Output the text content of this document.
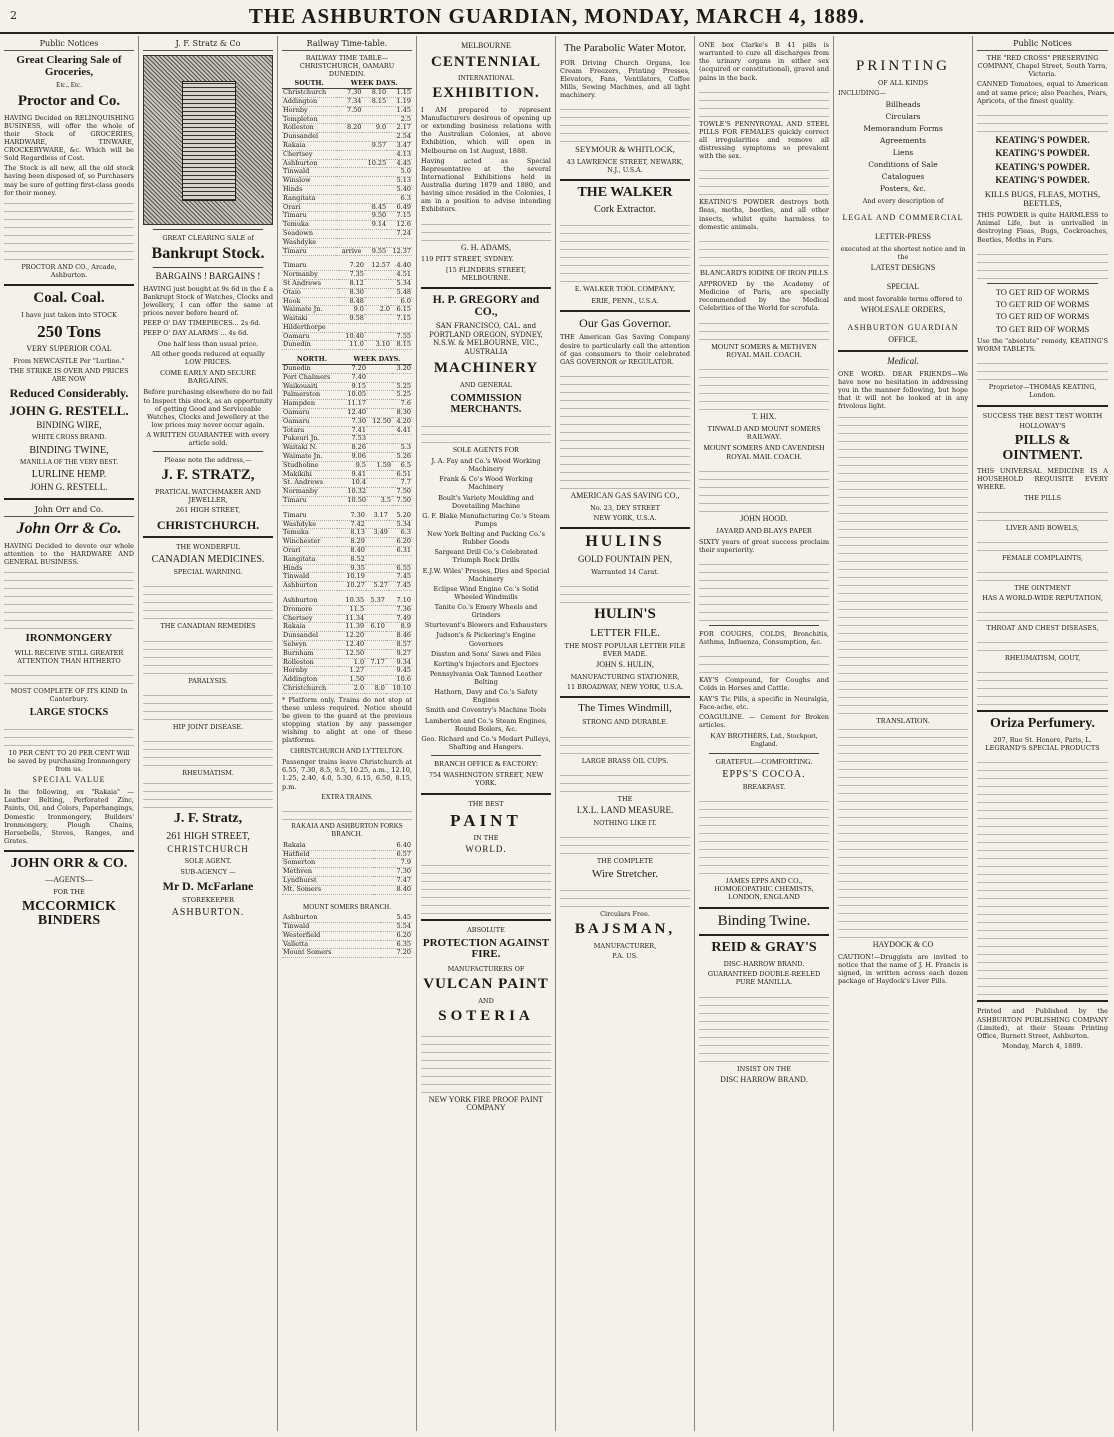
2	THE ASHBURTON GUARDIAN, MONDAY, MARCH 4, 1889.
Public Notices
Great Clearing Sale of Groceries,
Etc., Etc.
Proctor and Co.

HAVING Decided on RELINQUISHING BUSINESS, will offer the whole of their Stock of GROCERIES, HARDWARE, TINWARE, CROCKERYWARE, &c. Which will be Sold Regardless of Cost.

The Stock is all new, all the old stock having been disposed of, so Purchasers may be sure of getting first-class goods for their money.

PROCTOR AND CO., Arcade, Ashburton.

Coal. Coal.

I have just taken into STOCK

250 Tons
VERY SUPERIOR COAL

From NEWCASTLE Per "Lurline."

THE STRIKE IS OVER AND PRICES ARE NOW

Reduced Considerably.
JOHN G. RESTELL.
BINDING WIRE,
WHITE CROSS BRAND.
BINDING TWINE,
MANILLA OF THE VERY BEST.
LURLINE HEMP.
JOHN G. RESTELL.
John Orr and Co.
John Orr & Co.

HAVING Decided to devote our whole attention to the HARDWARE AND GENERAL BUSINESS.

IRONMONGERY

WILL RECEIVE STILL GREATER ATTENTION THAN HITHERTO

MOST COMPLETE OF ITS KIND In Canterbury.

LARGE STOCKS

10 PER CENT TO 20 PER CENT Will be saved by purchasing Ironmongery from us.

SPECIAL VALUE

In the following, ex "Rakaia" — Leather Belting, Perforated Zinc, Paints, Oil, and Colors, Paperhangings, Domestic Ironmongery, Builders' Ironmongery, Plough Chains, Horsebells, Stoves, Ranges, and Grates.

JOHN ORR & CO.
—AGENTS—

FOR THE

MCCORMICK BINDERS
J. F. Stratz & Co

GREAT CLEARING SALE of

Bankrupt Stock.
BARGAINS ! BARGAINS !

HAVING just bought at 9s 6d in the £ a Bankrupt Stock of Watches, Clocks and Jewellery, I can offer the same at prices never before heard of.

PEEP O' DAY TIMEPIECES... 2s 6d.

PEEP O' DAY ALARMS ... 4s 6d.

One half less than usual price.

All other goods reduced at equally LOW PRICES.

COME EARLY AND SECURE BARGAINS.

Before purchasing elsewhere do no fail to Inspect this stock, as an opportunity of getting Good and Serviceable Watches, Clocks and Jewellery at the low prices may never occur again.

A WRITTEN GUARANTEE with every article sold.

Please note the address,—

J. F. STRATZ,

PRATICAL WATCHMAKER AND JEWELLER,

261 HIGH STREET,

CHRISTCHURCH.

THE WONDERFUL

CANADIAN MEDICINES.

SPECIAL WARNING.

THE CANADIAN REMEDIES

PARALYSIS.

HIP JOINT DISEASE.

RHEUMATISM.

J. F. Stratz,
261 HIGH STREET,
CHRISTCHURCH

SOLE AGENT.

SUB-AGENCY —

Mr D. McFarlane

STOREKEEPER

ASHBURTON.
Railway Time-table.

RAILWAY TIME TABLE—CHRISTCHURCH, OAMARU DUNEDIN.

SOUTH.	WEEK DAYS.		
Christchurch	7.30	8.10	1.15
Addington	7.34	8.15	1.19
Hornby	7.50		1.45
Templeton			2.5
Rolleston	8.20	9.0	2.17
Dunsandel			2.54
Rakaia		9.57	3.47
Chertsey			4.13
Ashburton		10.25	4.45
Tinwald			5.0
Winslow			5.13
Hinds			5.40
Rangitata			6.3
Orari		8.45	6.49
Timaru		9.50	7.15
Temuka		9.14	12.6
Seadown			7.24
Washdyke			
Timaru	arrive	9.55	12.37
Timaru	7.20	12.57	4.40
Normanby	7.35		4.51
St Andrews	8.12		5.34
Otaio	8.30		5.48
Hook	8.48		6.0
Waimate Jn.	9.0	2.0	6.15
Waitaki	9.58		7.15
Hilderthorpe			
Oamaru	10.40		7.55
Dunedin	11.0	3.10	8.15
NORTH.	WEEK DAYS.		
Dunedin	7.20		3.20
Port Chalmers	7.40		
Waikouaiti	9.15		5.25
Palmerston	10.05		5.25
Hampden	11.17		7.6
Oamaru	12.40		8.30
Oamaru	7.30	12.50	4.20
Totara	7.41		4.41
Pukeuri Jn.	7.53		
Waitaki N.	8.26		5.3
Waimate Jn.	9.06		5.26
Studholme	9.5	1.59	6.5
Makikihi	9.41		6.51
St. Andrews	10.4		7.7
Normanby	10.32		7.50
Timaru	10.50	3.5	7.50
Timaru	7.30	3.17	5.20
Washdyke	7.42		5.34
Temuka	8.13	3.49	6.3
Winchester	8.29		6.20
Orari	8.40		6.31
Rangitata	8.52		
Hinds	9.35		6.55
Tinwald	10.19		7.45
Ashburton	10.27	5.27	7.45
Ashburton	10.35	5.37	7.10
Dromore	11.5		7.36
Chertsey	11.34		7.49
Rakaia	11.39	6.10	8.9
Dunsandel	12.20		8.46
Selwyn	12.40		8.57
Burnham	12.50		9.27
Rolleston	1.0	7.17	9.34
Hornby	1.27		9.45
Addington	1.50		10.6
Christchurch	2.0	8.0	10.10

* Platform only. Trains do not stop at these unless required. Notice should be given to the guard at the previous stopping station by any passenger wishing to alight at one of these platforms.

CHRISTCHURCH AND LYTTELTON.

Passenger trains leave Christchurch at 6.55, 7.30, 8.5, 9.5, 10.25, a.m., 12.10, 1.25, 2.40, 4.0, 5.30, 6.15, 6.50, 8.15, p.m.

EXTRA TRAINS.
RAKAIA AND ASHBURTON FORKS BRANCH.
Rakaia	6.40
Hatfield	6.57
Somerton	7.9
Methven	7.30
Lyndhurst	7.47
Mt. Somers	8.40
MOUNT SOMERS BRANCH.
Ashburton	5.45
Tinwald	5.54
Westerfield	6.20
Valletta	6.35
Mount Somers	7.20
MELBOURNE
CENTENNIAL
INTERNATIONAL
EXHIBITION.

I AM prepared to represent Manufacturers desirous of opening up or extending business relations with the Australian Colonies, at above Exhibition, which will open in Melbourne on 1st August, 1888.

Having acted as Special Representative at the several International Exhibitions held in Australia during 1879 and 1880, and having since resided in the Colonies, I am in a position to advise intending Exhibitors.

G. H. ADAMS,

119 PITT STREET, SYDNEY.

[15 FLINDERS STREET, MELBOURNE.

H. P. GREGORY and CO.,

SAN FRANCISCO, CAL. and PORTLAND OREGON, SYDNEY, N.S.W. & MELBOURNE, VIC., AUSTRALIA

MACHINERY

AND GENERAL

COMMISSION MERCHANTS.
SOLE AGENTS FOR

J. A. Fay and Co.'s Wood Working Machinery

Frank & Co's Wood Working Machinery

Boult's Variety Moulding and Dovetailing Machine

G. F. Blake Manufacturing Co.'s Steam Pumps

New York Belting and Packing Co.'s Rubber Goods

Sargeant Drill Co.'s Celebrated Triumph Rock Drills

E.J.W. Wiles' Presses, Dies and Special Machinery

Eclipse Wind Engine Co.'s Solid Wheeled Windmills

Tanite Co.'s Emery Wheels and Grinders

Sturtevant's Blowers and Exhausters

Judson's & Pickering's Engine Governors

Disston and Sons' Saws and Files

Korting's Injectors and Ejectors

Pennsylvania Oak Tanned Leather Belting

Hathorn, Davy and Co.'s Safety Engines

Smith and Coventry's Machine Tools

Lamberton and Co.'s Steam Engines, Round Boilers, &c.

Geo. Richard and Co.'s Medart Pulleys, Shafting and Hangers.

BRANCH OFFICE & FACTORY:

754 WASHINGTON STREET, NEW YORK.

THE BEST

PAINT

IN THE

WORLD.

ABSOLUTE

PROTECTION AGAINST FIRE.

MANUFACTURERS OF

VULCAN PAINT

AND

SOTERIA
NEW YORK FIRE PROOF PAINT COMPANY
The Parabolic Water Motor.

FOR Driving Church Organs, Ice Cream Freezers, Printing Presses, Elevators, Fans, Ventilators, Coffee Mills, Sewing Machines, and all light machinery.

SEYMOUR & WHITLOCK,

43 LAWRENCE STREET, NEWARK, N.J., U.S.A.

THE WALKER
Cork Extractor.
E. WALKER TOOL COMPANY,

ERIE, PENN., U.S.A.

Our Gas Governor.

THE American Gas Saving Company desire to particularly call the attention of gas consumers to their celebrated GAS GOVERNOR or REGULATOR.

AMERICAN GAS SAVING CO.,

No. 23, DEY STREET

NEW YORK, U.S.A.

HULINS
GOLD FOUNTAIN PEN,

Warranted 14 Carat.

HULIN'S
LETTER FILE.

THE MOST POPULAR LETTER FILE EVER MADE.

JOHN S. HULIN,

MANUFACTURING STATIONER,

11 BROADWAY, NEW YORK, U.S.A.

The Times Windmill,

STRONG AND DURABLE.

LARGE BRASS OIL CUPS.

THE

I.X.L. LAND MEASURE.

NOTHING LIKE IT.

THE COMPLETE

Wire Stretcher.

Circulars Free.

BAJSMAN,

MANUFACTURER,

P.A. US.

ONE box Clarke's B 41 pills is warranted to cure all discharges from the urinary organs in either sex (acquired or constitutional), gravel and pains in the back.

TOWLE'S PENNYROYAL AND STEEL PILLS FOR FEMALES quickly correct all irregularities and remove all distressing symptoms so prevalent with the sex.

KEATING'S POWDER destroys both fleas, moths, beetles, and all other insects, whilst quite harmless to domestic animals.

BLANCARD'S IODINE OF IRON PILLS

APPROVED by the Academy of Medicine of Paris, are specially recommended by the Medical Celebrities of the World for scrofula.

MOUNT SOMERS & METHVEN ROYAL MAIL COACH.
T. HIX.
TINWALD AND MOUNT SOMERS RAILWAY.
MOUNT SOMERS AND CAVENDISH ROYAL MAIL COACH.
JOHN HOOD.
JAYARD AND BLAYS PAPER

SIXTY years of great success proclaim their superiority.

FOR COUGHS, COLDS, Bronchitis, Asthma, Influenza, Consumption, &c.

KAY'S Compound, for Coughs and Colds in Horses and Cattle.

KAY'S Tic Pills, a specific in Neuralgia, Face-ache, etc.

COAGULINE. — Cement for Broken articles.

KAY BROTHERS, Ltd., Stockport, England.
GRATEFUL—COMFORTING.
EPPS'S COCOA.

BREAKFAST.

JAMES EPPS AND CO., HOMOEOPATHIC CHEMISTS, LONDON, ENGLAND
Binding Twine.
REID & GRAY'S

DISC-HARROW BRAND.

GUARANTEED DOUBLE-REELED PURE MANILLA.

INSIST ON THE

DISC HARROW BRAND.
PRINTING

OF ALL KINDS

INCLUDING—

Billheads
Circulars
Memorandum Forms
Agreements
Liens
Conditions of Sale
Catalogues
Posters, &c.

And every description of

LEGAL AND COMMERCIAL
LETTER-PRESS

executed at the shortest notice and in the

LATEST DESIGNS
SPECIAL

and most favorable terms offered to

WHOLESALE ORDERS,
ASHBURTON GUARDIAN
OFFICE.
Medical.

ONE WORD. DEAR FRIENDS—We have now no hesitation in addressing you in the manner following, but hope that it will not be looked at in any frivolous light.

TRANSLATION.
HAYDOCK & CO

CAUTION!—Druggists are invited to notice that the name of J. H. Francis is signed, in written across each dozen package of Haydock's Liver Pills.

Public Notices

THE "RED CROSS" PRESERVING COMPANY, Chapel Street, South Yarra, Victoria.

CANNED Tomatoes, equal to American and at same price; also Peaches, Pears, Apricots, of the finest quality.

KEATING'S POWDER.
KEATING'S POWDER.
KEATING'S POWDER.
KEATING'S POWDER.
KILLS BUGS, FLEAS, MOTHS, BEETLES,

THIS POWDER is quite HARMLESS to Animal Life, but is unrivalled in destroying Fleas, Bugs, Cockroaches, Beetles, Moths in Furs.

TO GET RID OF WORMS
TO GET RID OF WORMS
TO GET RID OF WORMS
TO GET RID OF WORMS

Use the "absolute" remedy, KEATING'S WORM TABLETS.

Proprietor—THOMAS KEATING, London.

SUCCESS THE BEST TEST WORTH

HOLLOWAY'S

PILLS & OINTMENT.

THIS UNIVERSAL MEDICINE IS A HOUSEHOLD REQUISITE EVERY WHERE.

THE PILLS

LIVER AND BOWELS,

FEMALE COMPLAINTS,

THE OINTMENT

HAS A WORLD-WIDE REPUTATION,

THROAT AND CHEST DISEASES,

RHEUMATISM, GOUT,

Oriza Perfumery.

207, Rue St. Honore, Paris, L. LEGRAND'S SPECIAL PRODUCTS

Printed and Published by the ASHBURTON PUBLISHING COMPANY (Limited), at their Steam Printing Office, Burnett Street, Ashburton.

Monday, March 4, 1889.
